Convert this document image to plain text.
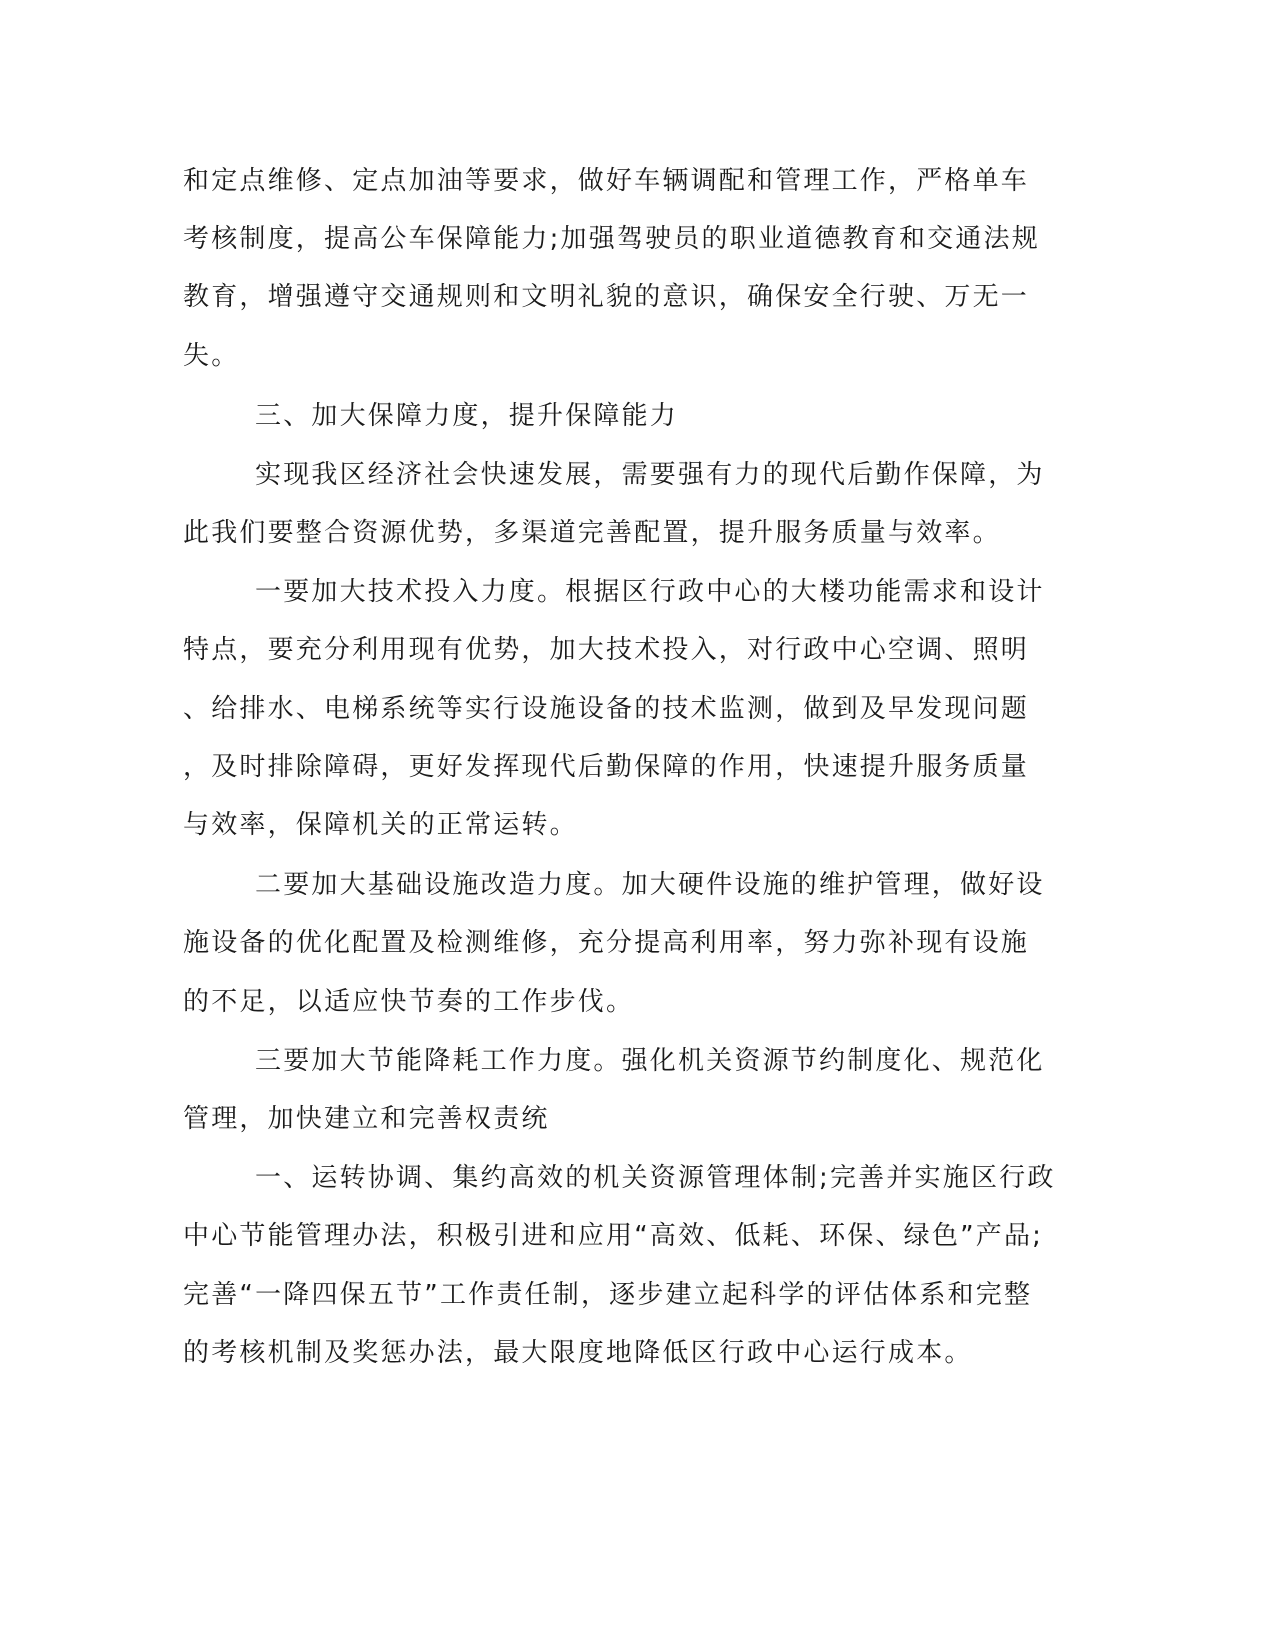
和定点维修、定点加油等要求，做好车辆调配和管理工作，严格单车
考核制度，提高公车保障能力;加强驾驶员的职业道德教育和交通法规
教育，增强遵守交通规则和文明礼貌的意识，确保安全行驶、万无一
失。
三、加大保障力度，提升保障能力
实现我区经济社会快速发展，需要强有力的现代后勤作保障，为
此我们要整合资源优势，多渠道完善配置，提升服务质量与效率。
一要加大技术投入力度。根据区行政中心的大楼功能需求和设计
特点，要充分利用现有优势，加大技术投入，对行政中心空调、照明
、给排水、电梯系统等实行设施设备的技术监测，做到及早发现问题
，及时排除障碍，更好发挥现代后勤保障的作用，快速提升服务质量
与效率，保障机关的正常运转。
二要加大基础设施改造力度。加大硬件设施的维护管理，做好设
施设备的优化配置及检测维修，充分提高利用率，努力弥补现有设施
的不足，以适应快节奏的工作步伐。
三要加大节能降耗工作力度。强化机关资源节约制度化、规范化
管理，加快建立和完善权责统
一、运转协调、集约高效的机关资源管理体制;完善并实施区行政
中心节能管理办法，积极引进和应用“高效、低耗、环保、绿色”产品;
完善“一降四保五节”工作责任制，逐步建立起科学的评估体系和完整
的考核机制及奖惩办法，最大限度地降低区行政中心运行成本。
